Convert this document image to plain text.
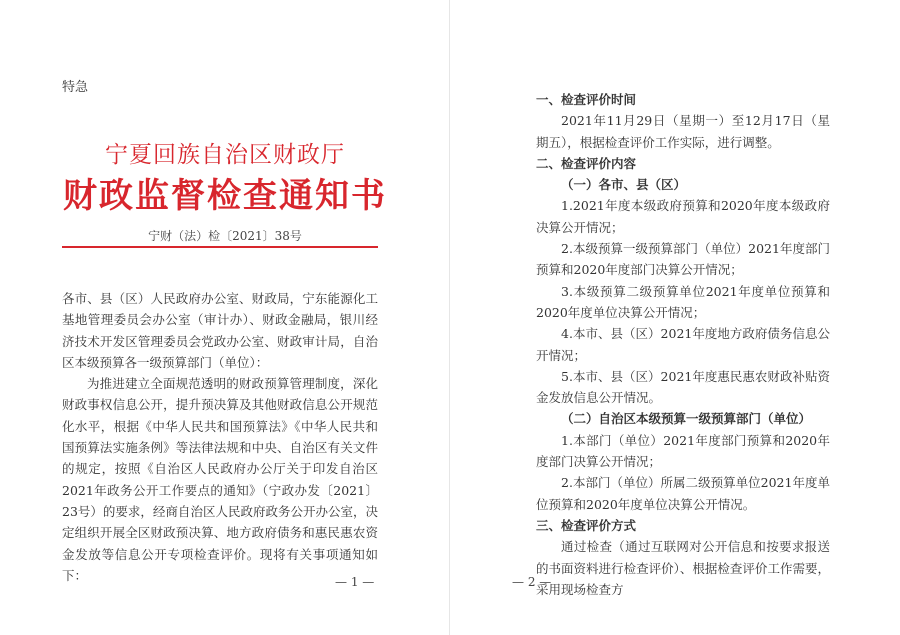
特急
宁夏回族自治区财政厅
财政监督检查通知书
宁财（法）检〔2021〕38号

各市、县（区）人民政府办公室、财政局，宁东能源化工基地管理委员会办公室（审计办）、财政金融局，银川经济技术开发区管理委员会党政办公室、财政审计局，自治区本级预算各一级预算部门（单位）：

为推进建立全面规范透明的财政预算管理制度，深化财政事权信息公开，提升预决算及其他财政信息公开规范化水平，根据《中华人民共和国预算法》《中华人民共和国预算法实施条例》等法律法规和中央、自治区有关文件的规定，按照《自治区人民政府办公厅关于印发自治区2021年政务公开工作要点的通知》（宁政办发〔2021〕23号）的要求，经商自治区人民政府政务公开办公室，决定组织开展全区财政预决算、地方政府债务和惠民惠农资金发放等信息公开专项检查评价。现将有关事项通知如下：	— 1 —

一、检查评价时间

2021年11月29日（星期一）至12月17日（星期五），根据检查评价工作实际，进行调整。

二、检查评价内容

（一）各市、县（区）

1.2021年度本级政府预算和2020年度本级政府决算公开情况；

2.本级预算一级预算部门（单位）2021年度部门预算和2020年度部门决算公开情况；

3.本级预算二级预算单位2021年度单位预算和2020年度单位决算公开情况；

4.本市、县（区）2021年度地方政府债务信息公开情况；

5.本市、县（区）2021年度惠民惠农财政补贴资金发放信息公开情况。

（二）自治区本级预算一级预算部门（单位）

1.本部门（单位）2021年度部门预算和2020年度部门决算公开情况；

2.本部门（单位）所属二级预算单位2021年度单位预算和2020年度单位决算公开情况。

三、检查评价方式

通过检查（通过互联网对公开信息和按要求报送的书面资料进行检查评价）、根据检查评价工作需要，采用现场检查方

— 2 —
